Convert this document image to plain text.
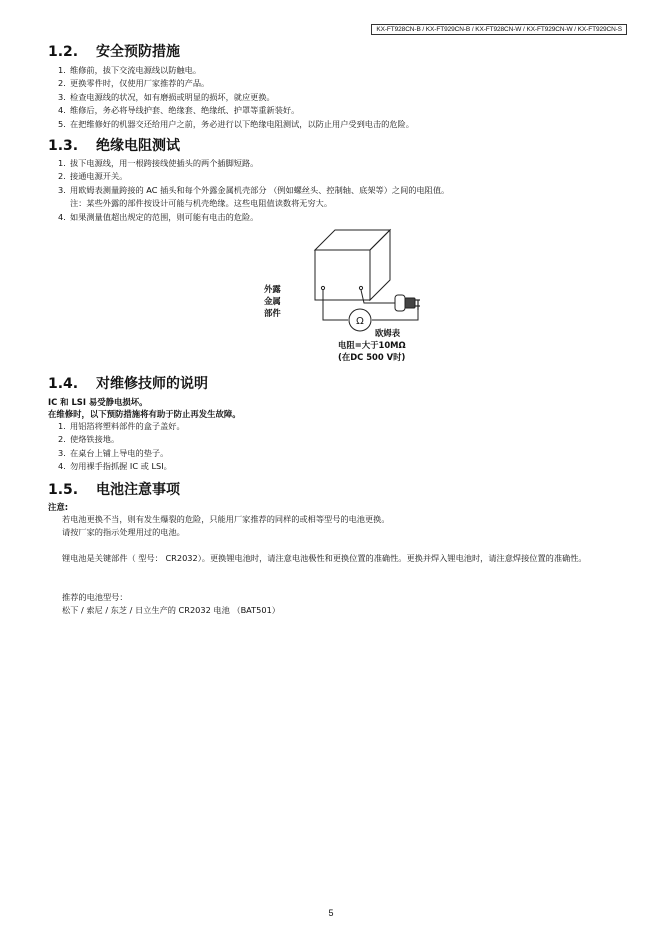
KX-FT928CN-B / KX-FT929CN-B / KX-FT928CN-W / KX-FT929CN-W / KX-FT929CN-S
1.2. 安全预防措施
1. 维修前，拔下交流电源线以防触电。
2. 更换零件时，仅使用厂家推荐的产品。
3. 检查电源线的状况，如有磨损或明显的损坏，就应更换。
4. 维修后，务必将导线护套、绝缘套、绝缘纸、护罩等重新装好。
5. 在把维修好的机器交还给用户之前，务必进行以下绝缘电阻测试，以防止用户受到电击的危险。
1.3. 绝缘电阻测试
1. 拔下电源线，用一根跨接线使插头的两个插脚短路。
2. 接通电源开关。
3. 用欧姆表测量跨接的 AC 插头和每个外露金属机壳部分 （例如螺丝头、控制轴、底架等）之间的电阻值。
注：某些外露的部件按设计可能与机壳绝缘。这些电阻值读数将无穷大。
4. 如果测量值超出规定的范围，则可能有电击的危险。
Ω
外露
金属
部件
欧姆表
电阻=大于10MΩ
(在DC 500 V时)
1.4. 对维修技师的说明
IC 和 LSI 易受静电损坏。
在维修时，以下预防措施将有助于防止再发生故障。
1. 用铝箔将塑料部件的盒子盖好。
2. 使烙铁接地。
3. 在桌台上铺上导电的垫子。
4. 勿用裸手指抓握 IC 或 LSI。
1.5. 电池注意事项
注意:

若电池更换不当，则有发生爆裂的危险，只能用厂家推荐的同样的或相等型号的电池更换。
请按厂家的指示处理用过的电池。

锂电池是关键部件（ 型号： CR2032）。更换锂电池时，请注意电池极性和更换位置的准确性。更换并焊入锂电池时，请注意焊接位置的准确性。

推荐的电池型号：
松下 / 索尼 / 东芝 / 日立生产的 CR2032 电池 （BAT501）

5
